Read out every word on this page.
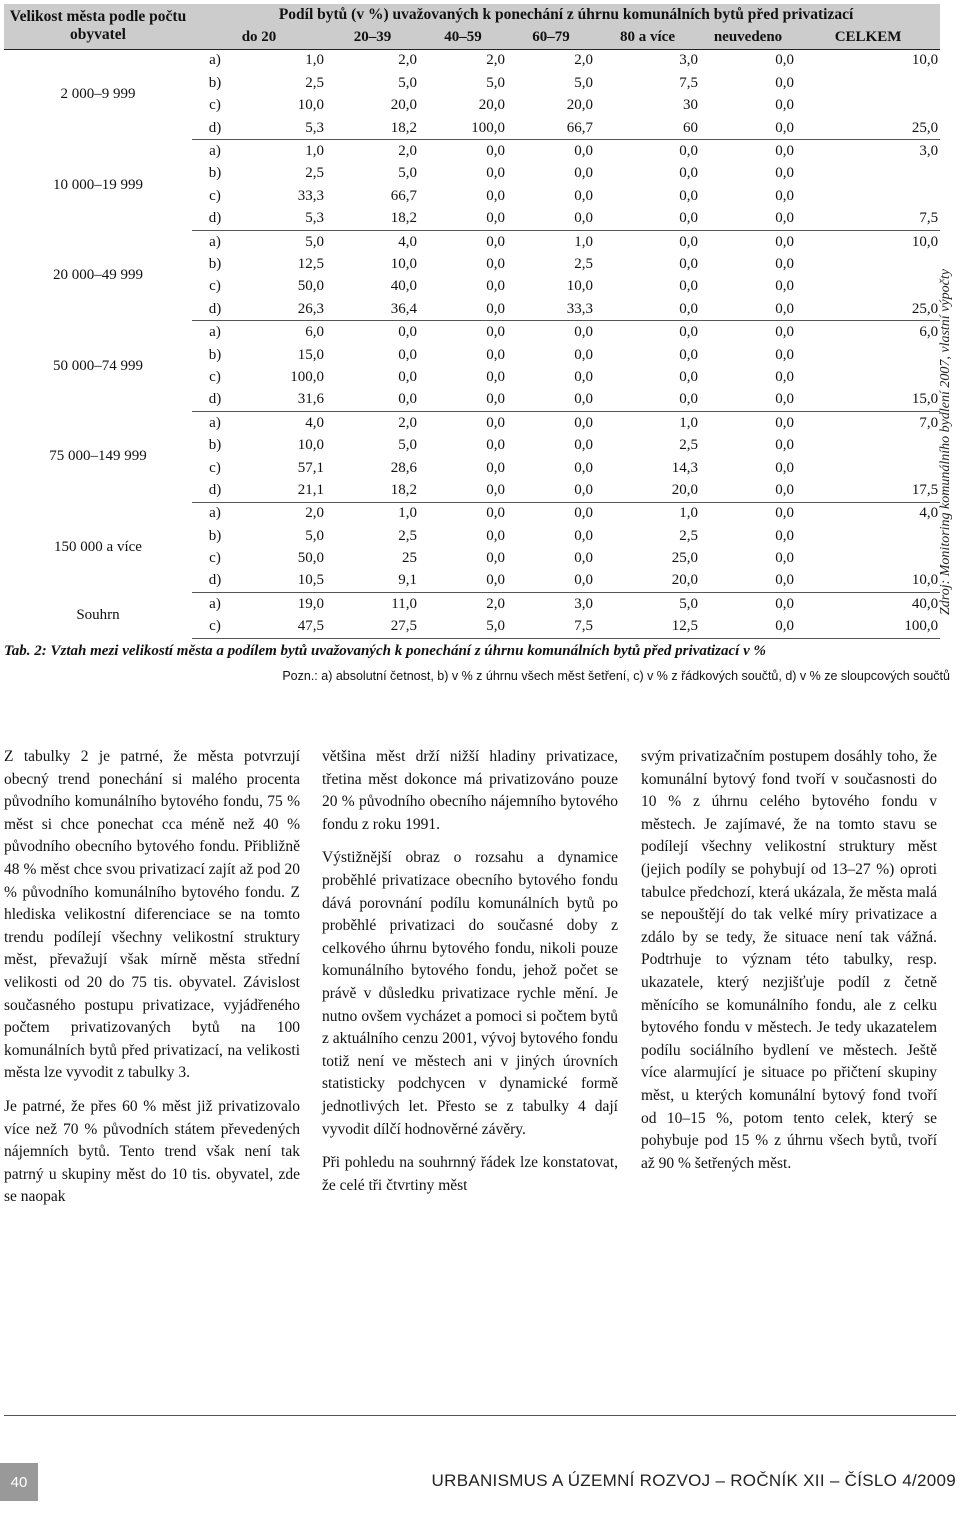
Velikost města podle počtu obyvatel	Podíl bytů (v %) uvažovaných k ponechání z úhrnu komunálních bytů před privatizací							
	do 20		20–39	40–59	60–79	80 a více	neuvedeno	CELKEM
2 000–9 999	a)	1,0	2,0	2,0	2,0	3,0	0,0	10,0
	b)	2,5	5,0	5,0	5,0	7,5	0,0	
	c)	10,0	20,0	20,0	20,0	30	0,0	
	d)	5,3	18,2	100,0	66,7	60	0,0	25,0
10 000–19 999	a)	1,0	2,0	0,0	0,0	0,0	0,0	3,0
	b)	2,5	5,0	0,0	0,0	0,0	0,0	
	c)	33,3	66,7	0,0	0,0	0,0	0,0	
	d)	5,3	18,2	0,0	0,0	0,0	0,0	7,5
20 000–49 999	a)	5,0	4,0	0,0	1,0	0,0	0,0	10,0
	b)	12,5	10,0	0,0	2,5	0,0	0,0	
	c)	50,0	40,0	0,0	10,0	0,0	0,0	
	d)	26,3	36,4	0,0	33,3	0,0	0,0	25,0
50 000–74 999	a)	6,0	0,0	0,0	0,0	0,0	0,0	6,0
	b)	15,0	0,0	0,0	0,0	0,0	0,0	
	c)	100,0	0,0	0,0	0,0	0,0	0,0	
	d)	31,6	0,0	0,0	0,0	0,0	0,0	15,0
75 000–149 999	a)	4,0	2,0	0,0	0,0	1,0	0,0	7,0
	b)	10,0	5,0	0,0	0,0	2,5	0,0	
	c)	57,1	28,6	0,0	0,0	14,3	0,0	
	d)	21,1	18,2	0,0	0,0	20,0	0,0	17,5
150 000 a více	a)	2,0	1,0	0,0	0,0	1,0	0,0	4,0
	b)	5,0	2,5	0,0	0,0	2,5	0,0	
	c)	50,0	25	0,0	0,0	25,0	0,0	
	d)	10,5	9,1	0,0	0,0	20,0	0,0	10,0
Souhrn	a)	19,0	11,0	2,0	3,0	5,0	0,0	40,0
	c)	47,5	27,5	5,0	7,5	12,5	0,0	100,0
Zdroj: Monitoring komunálního bydlení 2007, vlastní výpočty
Tab. 2: Vztah mezi velikostí města a podílem bytů uvažovaných k ponechání z úhrnu komunálních bytů před privatizací v %
Pozn.: a) absolutní četnost, b) v % z úhrnu všech měst šetření, c) v % z řádkových součtů, d) v % ze sloupcových součtů

Z tabulky 2 je patrné, že města potvrzují obecný trend ponechání si malého procenta původního komunálního bytového fondu, 75 % měst si chce ponechat cca méně než 40 % původního obecního bytového fondu. Přibližně 48 % měst chce svou privatizací zajít až pod 20 % původního komunálního bytového fondu. Z hlediska velikostní diferenciace se na tomto trendu podílejí všechny velikostní struktury měst, převažují však mírně města střední velikosti od 20 do 75 tis. obyvatel. Závislost současného postupu privatizace, vyjádřeného počtem privatizovaných bytů na 100 komunálních bytů před privatizací, na velikosti města lze vyvodit z tabulky 3.

Je patrné, že přes 60 % měst již privatizovalo více než 70 % původních státem převedených nájemních bytů. Tento trend však není tak patrný u skupiny měst do 10 tis. obyvatel, zde se naopak

většina měst drží nižší hladiny privatizace, třetina měst dokonce má privatizováno pouze 20 % původního obecního nájemního bytového fondu z roku 1991.

Výstižnější obraz o rozsahu a dynamice proběhlé privatizace obecního bytového fondu dává porovnání podílu komunálních bytů po proběhlé privatizaci do současné doby z celkového úhrnu bytového fondu, nikoli pouze komunálního bytového fondu, jehož počet se právě v důsledku privatizace rychle mění. Je nutno ovšem vycházet a pomoci si počtem bytů z aktuálního cenzu 2001, vývoj bytového fondu totiž není ve městech ani v jiných úrovních statisticky podchycen v dynamické formě jednotlivých let. Přesto se z tabulky 4 dají vyvodit dílčí hodnověrné závěry.

Při pohledu na souhrnný řádek lze konstatovat, že celé tři čtvrtiny měst

svým privatizačním postupem dosáhly toho, že komunální bytový fond tvoří v současnosti do 10 % z úhrnu celého bytového fondu v městech. Je zajímavé, že na tomto stavu se podílejí všechny velikostní struktury měst (jejich podíly se pohybují od 13–27 %) oproti tabulce předchozí, která ukázala, že města malá se nepouštějí do tak velké míry privatizace a zdálo by se tedy, že situace není tak vážná. Podtrhuje to význam této tabulky, resp. ukazatele, který nezjišťuje podíl z četně měnícího se komunálního fondu, ale z celku bytového fondu v městech. Je tedy ukazatelem podílu sociálního bydlení ve městech. Ještě více alarmující je situace po přičtení skupiny měst, u kterých komunální bytový fond tvoří od 10–15 %, potom tento celek, který se pohybuje pod 15 % z úhrnu všech bytů, tvoří až 90 % šetřených měst.

40	URBANISMUS A ÚZEMNÍ ROZVOJ – ROČNÍK XII – ČÍSLO 4/2009
